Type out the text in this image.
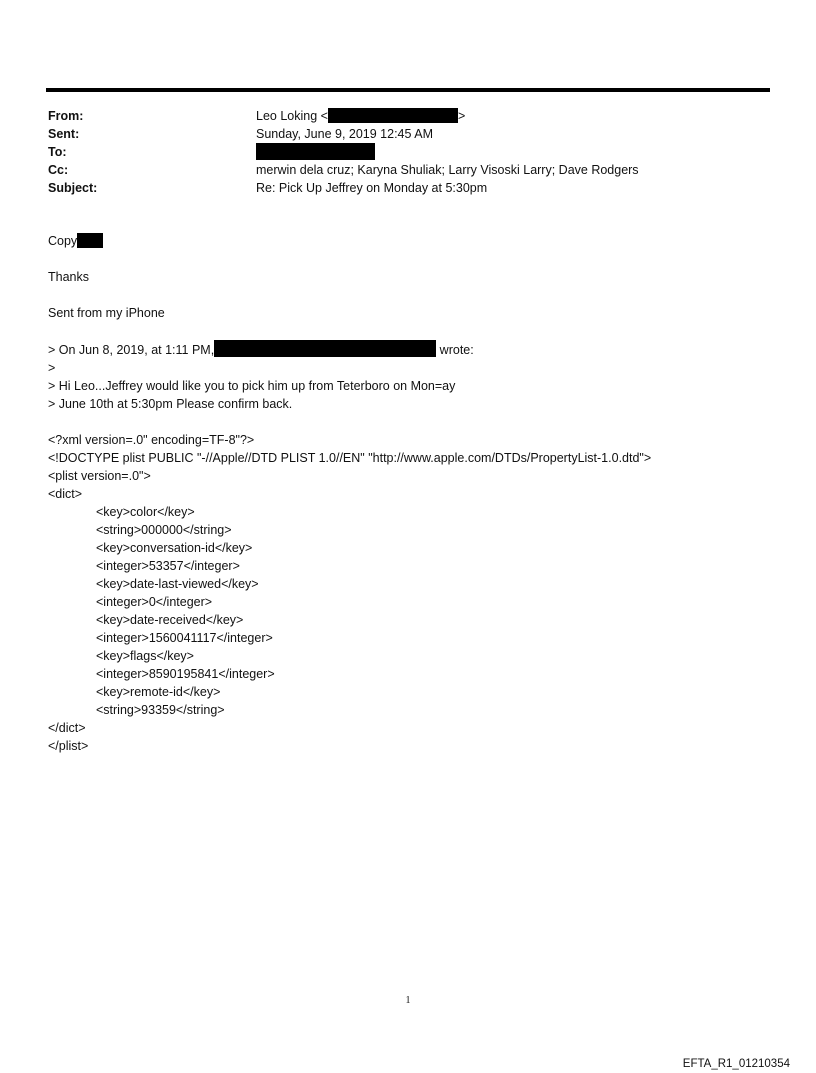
From:	Leo Loking <	>
Sent:	Sunday, June 9, 2019 12:45 AM
To:
Cc:	merwin dela cruz; Karyna Shuliak; Larry Visoski Larry; Dave Rodgers
Subject:	Re: Pick Up Jeffrey on Monday at 5:30pm

Copy

Thanks

Sent from my iPhone

> On Jun 8, 2019, at 1:11 PM,	wrote:

>

> Hi Leo...Jeffrey would like you to pick him up from Teterboro on Mon=ay

> June 10th at 5:30pm Please confirm back.

<?xml version=.0" encoding=TF-8"?>

<!DOCTYPE plist PUBLIC "-//Apple//DTD PLIST 1.0//EN" "http://www.apple.com/DTDs/PropertyList-1.0.dtd">

<plist version=.0">

<dict>

<key>color</key>

<string>000000</string>

<key>conversation-id</key>

<integer>53357</integer>

<key>date-last-viewed</key>

<integer>0</integer>

<key>date-received</key>

<integer>1560041117</integer>

<key>flags</key>

<integer>8590195841</integer>

<key>remote-id</key>

<string>93359</string>

</dict>

</plist>

1
EFTA_R1_01210354
